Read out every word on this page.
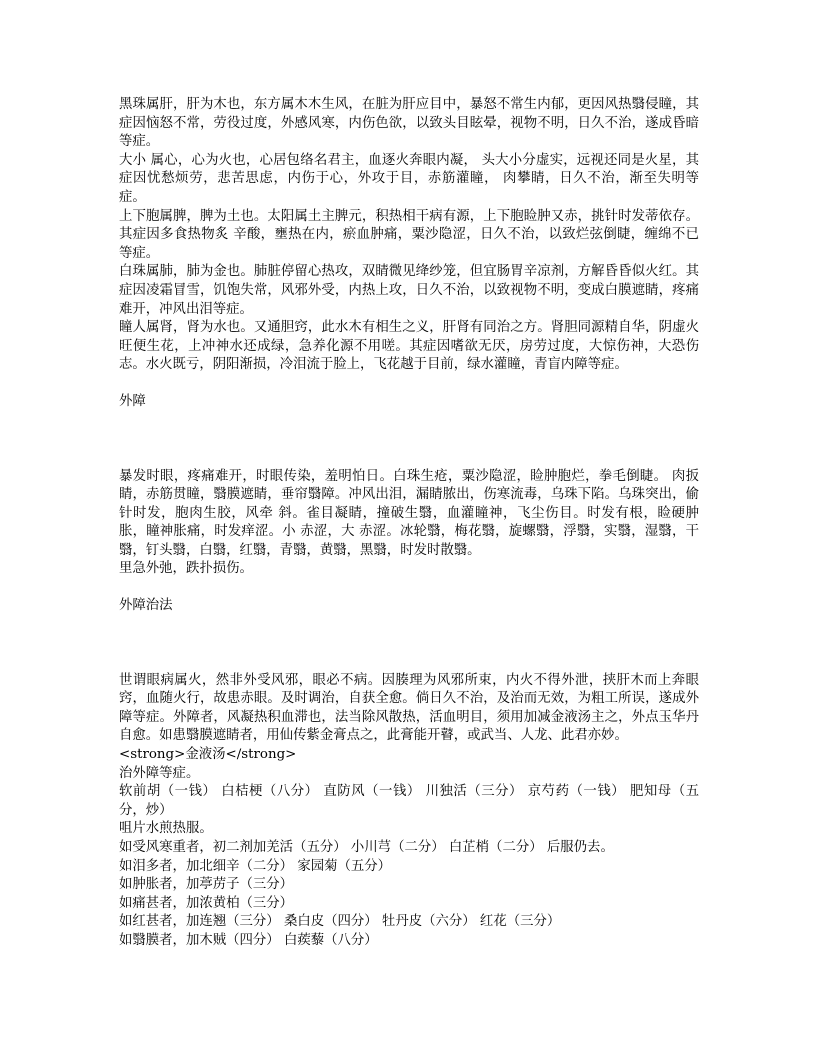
黑珠属肝，肝为木也，东方属木木生风，在脏为肝应目中，暴怒不常生内郁，更因风热翳侵瞳，其症因恼怒不常，劳役过度，外感风寒，内伤色欲，以致头目眩晕，视物不明，日久不治，遂成昏暗等症。

大小 属心，心为火也，心居包络名君主，血逐火奔眼内凝， 头大小分虚实，远视还同是火星，其症因忧愁烦劳，悲苦思虑，内伤于心，外攻于目，赤筋灌瞳， 肉攀睛，日久不治，渐至失明等症。

上下胞属脾，脾为土也。太阳属土主脾元，积热相干病有源，上下胞睑肿又赤，挑针时发蒂依存。其症因多食热物炙 辛酸，壅热在内，瘀血肿痛，粟沙隐涩，日久不治，以致烂弦倒睫，缠绵不已等症。

白珠属肺，肺为金也。肺脏停留心热攻，双睛微见绛纱笼，但宜肠胃辛凉剂，方解昏昏似火红。其症因凌霜冒雪，饥饱失常，风邪外受，内热上攻，日久不治，以致视物不明，变成白膜遮睛，疼痛难开，冲风出泪等症。

瞳人属肾，肾为水也。又通胆窍，此水木有相生之义，肝肾有同治之方。肾胆同源精自华，阴虚火旺便生花，上冲神水还成绿，急养化源不用嗟。其症因嗜欲无厌，房劳过度，大惊伤神，大恐伤志。水火既亏，阴阳渐损，冷泪流于脸上，飞花越于目前，绿水灌瞳，青盲内障等症。

外障

暴发时眼，疼痛难开，时眼传染，羞明怕日。白珠生疮，粟沙隐涩，睑肿胞烂，拳毛倒睫。 肉扳睛，赤筋贯瞳，翳膜遮睛，垂帘翳障。冲风出泪，漏睛脓出，伤寒流毒，乌珠下陷。乌珠突出，偷针时发，胞肉生胶，风牵 斜。雀目凝睛，撞破生翳，血灌瞳神，飞尘伤目。时发有根，睑硬肿胀，瞳神胀痛，时发痒涩。小 赤涩，大 赤涩。冰轮翳，梅花翳，旋螺翳，浮翳，实翳，湿翳，干翳，钉头翳，白翳，红翳，青翳，黄翳，黑翳，时发时散翳。

里急外弛，跌扑损伤。

外障治法

世谓眼病属火，然非外受风邪，眼必不病。因腠理为风邪所束，内火不得外泄，挟肝木而上奔眼窍，血随火行，故患赤眼。及时调治，自获全愈。倘日久不治，及治而无效，为粗工所误，遂成外障等症。外障者，风凝热积血滞也，法当除风散热，活血明目，须用加减金液汤主之，外点玉华丹自愈。如患翳膜遮睛者，用仙传紫金膏点之，此膏能开瞽，或武当、人龙、此君亦妙。

<strong>金液汤</strong>

治外障等症。

软前胡（一钱） 白桔梗（八分） 直防风（一钱） 川独活（三分） 京芍药（一钱） 肥知母（五分，炒）

咀片水煎热服。

如受风寒重者，初二剂加羌活（五分） 小川芎（二分） 白芷梢（二分） 后服仍去。

如泪多者，加北细辛（二分） 家园菊（五分）

如肿胀者，加葶苈子（三分）

如痛甚者，加浓黄柏（三分）

如红甚者，加连翘（三分） 桑白皮（四分） 牡丹皮（六分） 红花（三分）

如翳膜者，加木贼（四分） 白蒺藜（八分）
